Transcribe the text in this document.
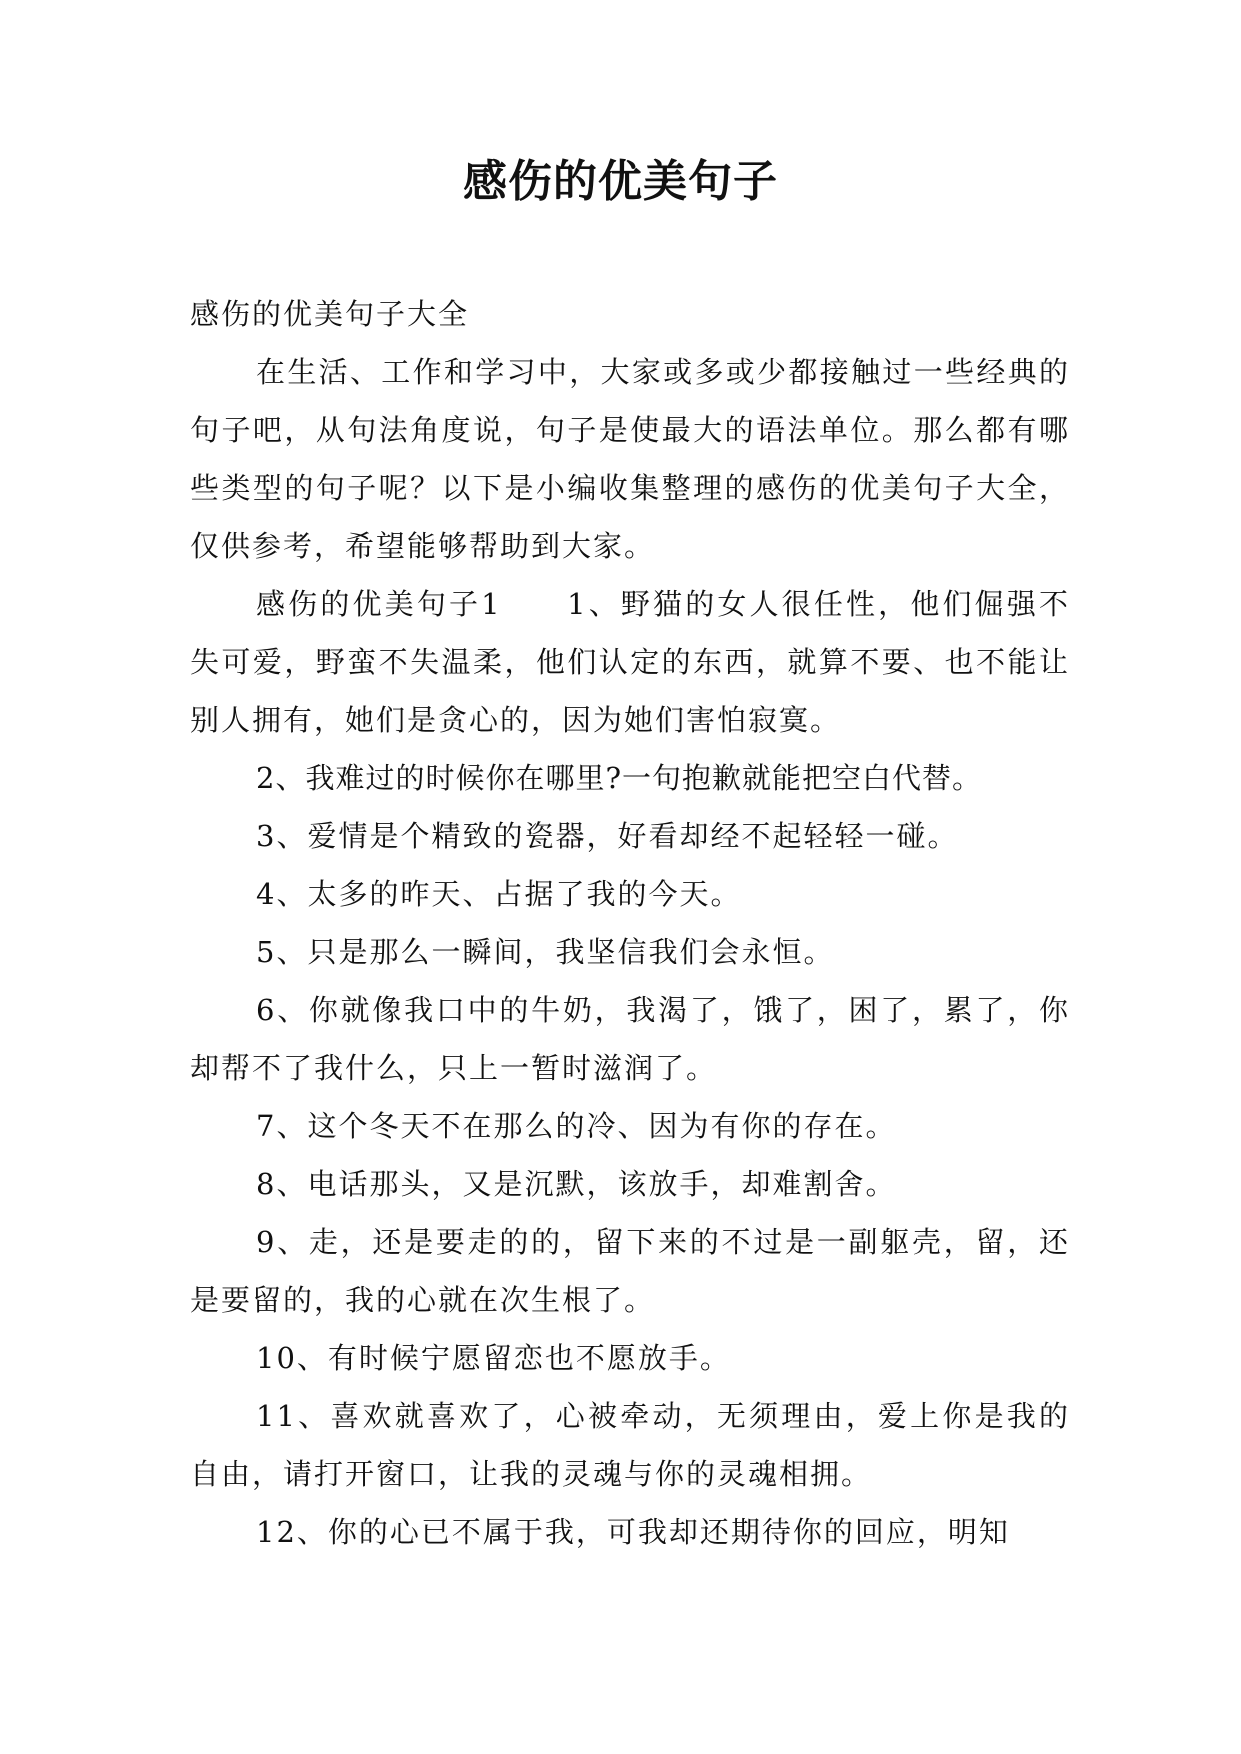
感伤的优美句子

感伤的优美句子大全

在生活、工作和学习中，大家或多或少都接触过一些经典的句子吧，从句法角度说，句子是使最大的语法单位。那么都有哪些类型的句子呢？以下是小编收集整理的感伤的优美句子大全，仅供参考，希望能够帮助到大家。

感伤的优美句子1　　1、野猫的女人很任性，他们倔强不失可爱，野蛮不失温柔，他们认定的东西，就算不要、也不能让别人拥有，她们是贪心的，因为她们害怕寂寞。

2、我难过的时候你在哪里?一句抱歉就能把空白代替。

3、爱情是个精致的瓷器，好看却经不起轻轻一碰。

4、太多的昨天、占据了我的今天。

5、只是那么一瞬间，我坚信我们会永恒。

6、你就像我口中的牛奶，我渴了，饿了，困了，累了，你却帮不了我什么，只上一暂时滋润了。

7、这个冬天不在那么的冷、因为有你的存在。

8、电话那头，又是沉默，该放手，却难割舍。

9、走，还是要走的的，留下来的不过是一副躯壳，留，还是要留的，我的心就在次生根了。

10、有时候宁愿留恋也不愿放手。

11、喜欢就喜欢了，心被牵动，无须理由，爱上你是我的自由，请打开窗口，让我的灵魂与你的灵魂相拥。

12、你的心已不属于我，可我却还期待你的回应，明知
